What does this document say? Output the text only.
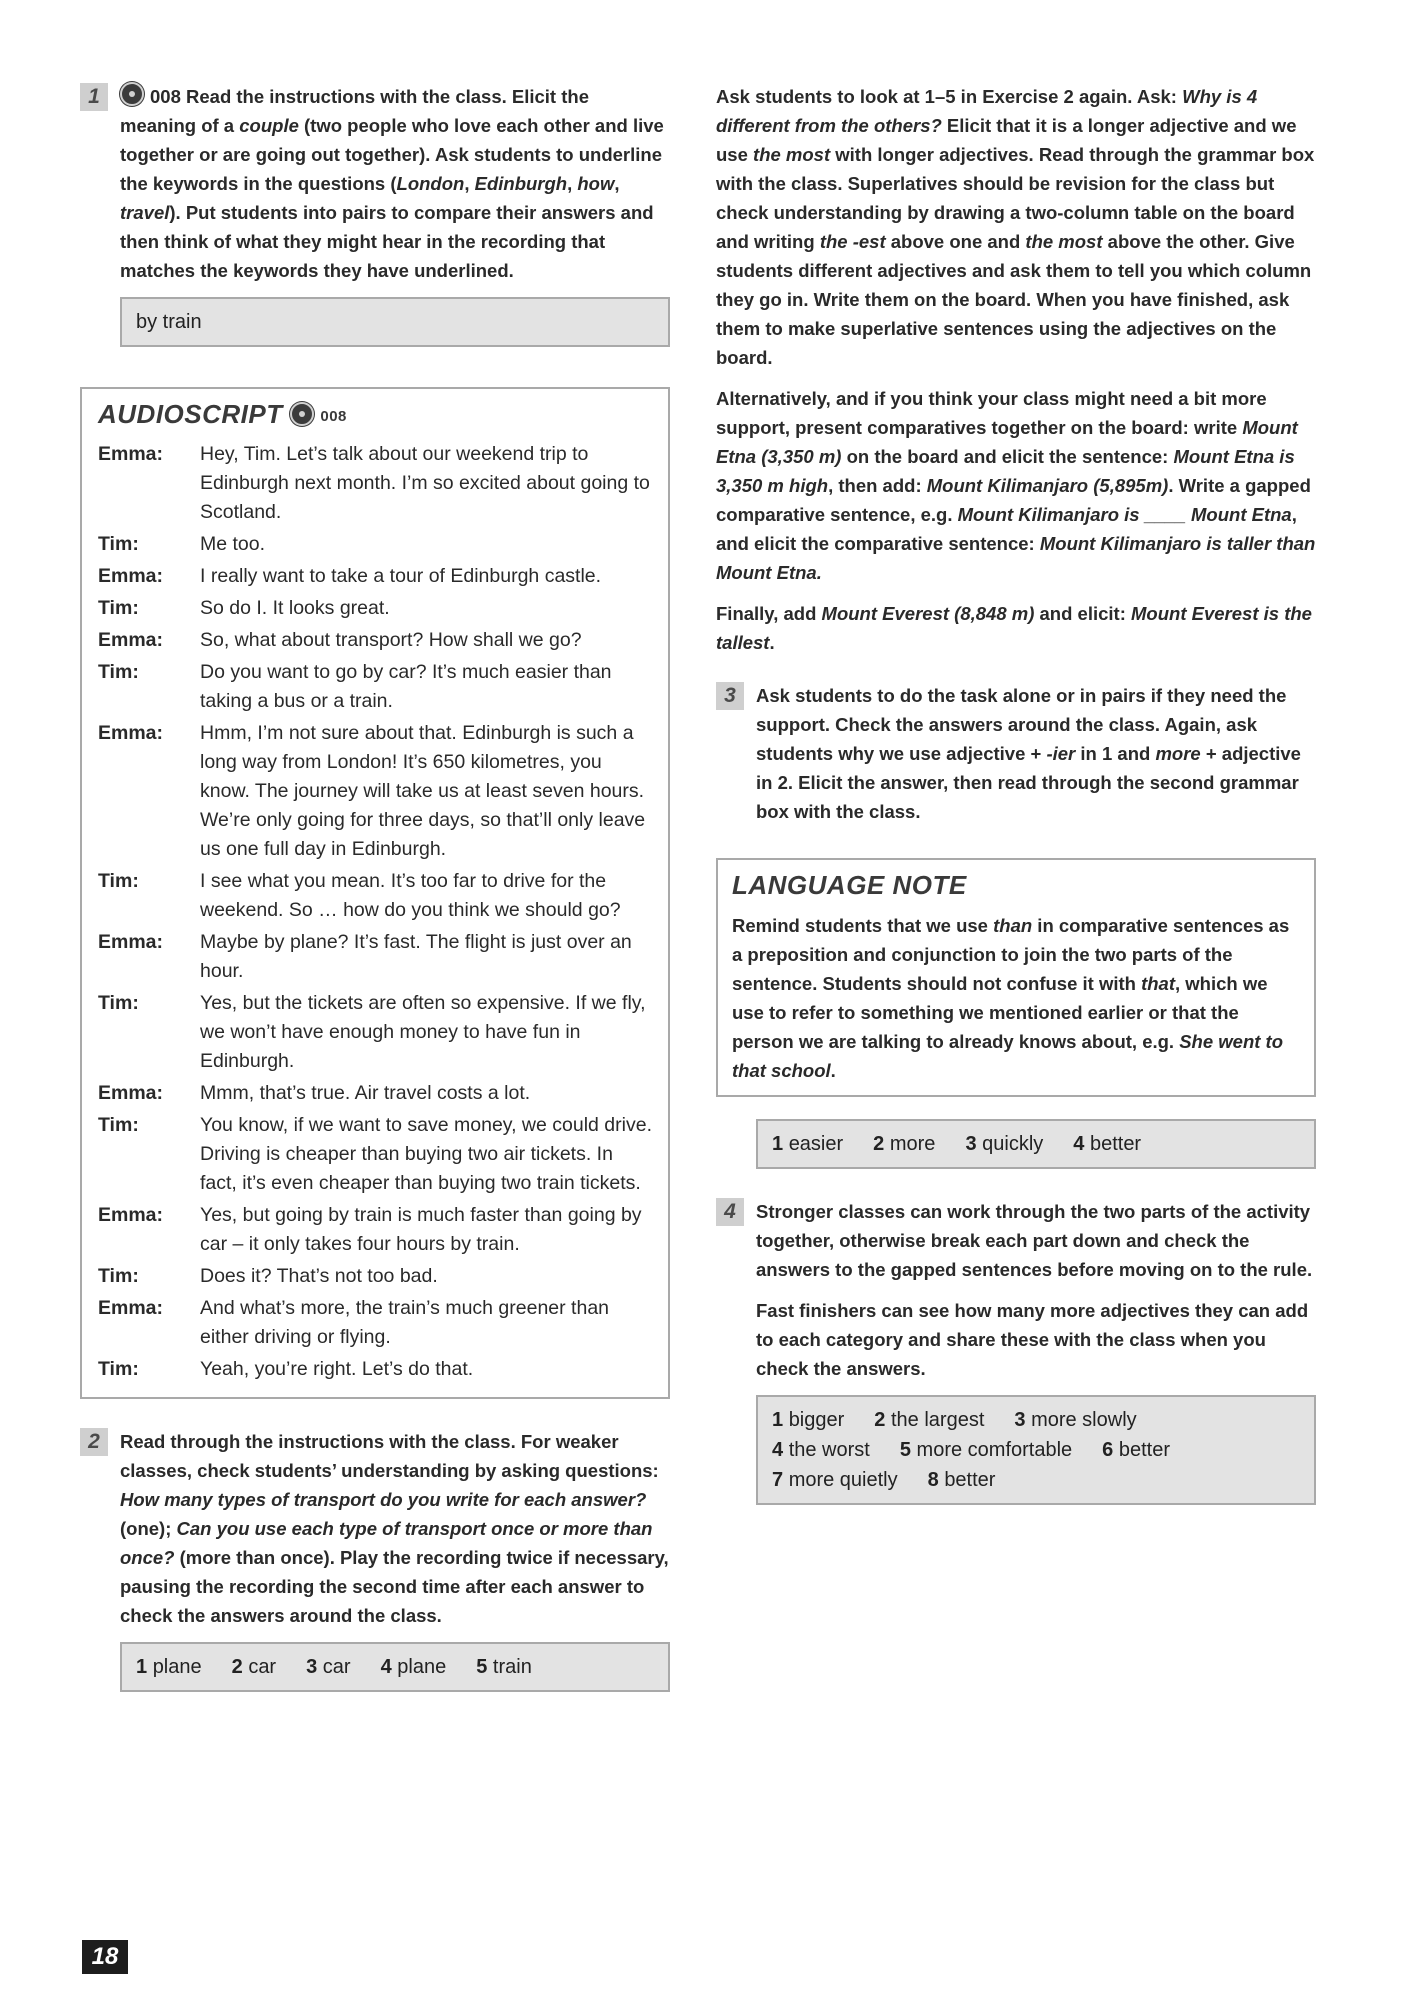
1	008 Read the instructions with the class. Elicit the meaning of a couple (two people who love each other and live together or are going out together). Ask students to underline the keywords in the questions (London, Edinburgh, how, travel). Put students into pairs to compare their answers and then think of what they might hear in the recording that matches the keywords they have underlined.

by train
AUDIOSCRIPT	008
Emma:	Hey, Tim. Let’s talk about our weekend trip to Edinburgh next month. I’m so excited about going to Scotland.
Tim:	Me too.
Emma:	I really want to take a tour of Edinburgh castle.
Tim:	So do I. It looks great.
Emma:	So, what about transport? How shall we go?
Tim:	Do you want to go by car? It’s much easier than taking a bus or a train.
Emma:	Hmm, I’m not sure about that. Edinburgh is such a long way from London! It’s 650 kilometres, you know. The journey will take us at least seven hours. We’re only going for three days, so that’ll only leave us one full day in Edinburgh.
Tim:	I see what you mean. It’s too far to drive for the weekend. So … how do you think we should go?
Emma:	Maybe by plane? It’s fast. The flight is just over an hour.
Tim:	Yes, but the tickets are often so expensive. If we fly, we won’t have enough money to have fun in Edinburgh.
Emma:	Mmm, that’s true. Air travel costs a lot.
Tim:	You know, if we want to save money, we could drive. Driving is cheaper than buying two air tickets. In fact, it’s even cheaper than buying two train tickets.
Emma:	Yes, but going by train is much faster than going by car – it only takes four hours by train.
Tim:	Does it? That’s not too bad.
Emma:	And what’s more, the train’s much greener than either driving or flying.
Tim:	Yeah, you’re right. Let’s do that.
2	Read through the instructions with the class. For weaker classes, check students’ understanding by asking questions: How many types of transport do you write for each answer? (one); Can you use each type of transport once or more than once? (more than once). Play the recording twice if necessary, pausing the recording the second time after each answer to check the answers around the class.

1 plane 2 car 3 car 4 plane 5 train

Ask students to look at 1–5 in Exercise 2 again. Ask: Why is 4 different from the others? Elicit that it is a longer adjective and we use the most with longer adjectives. Read through the grammar box with the class. Superlatives should be revision for the class but check understanding by drawing a two-column table on the board and writing the -est above one and the most above the other. Give students different adjectives and ask them to tell you which column they go in. Write them on the board. When you have finished, ask them to make superlative sentences using the adjectives on the board.

Alternatively, and if you think your class might need a bit more support, present comparatives together on the board: write Mount Etna (3,350 m) on the board and elicit the sentence: Mount Etna is 3,350 m high, then add: Mount Kilimanjaro (5,895m). Write a gapped comparative sentence, e.g. Mount Kilimanjaro is ____ Mount Etna, and elicit the comparative sentence: Mount Kilimanjaro is taller than Mount Etna.

Finally, add Mount Everest (8,848 m) and elicit: Mount Everest is the tallest.

3	Ask students to do the task alone or in pairs if they need the support. Check the answers around the class. Again, ask students why we use adjective + -ier in 1 and more + adjective in 2. Elicit the answer, then read through the second grammar box with the class.

LANGUAGE NOTE

Remind students that we use than in comparative sentences as a preposition and conjunction to join the two parts of the sentence. Students should not confuse it with that, which we use to refer to something we mentioned earlier or that the person we are talking to already knows about, e.g. She went to that school.

1 easier 2 more 3 quickly 4 better
4	Stronger classes can work through the two parts of the activity together, otherwise break each part down and check the answers to the gapped sentences before moving on to the rule.

Fast finishers can see how many more adjectives they can add to each category and share these with the class when you check the answers.

1 bigger 2 the largest 3 more slowly
4 the worst 5 more comfortable 6 better
7 more quietly 8 better
18
